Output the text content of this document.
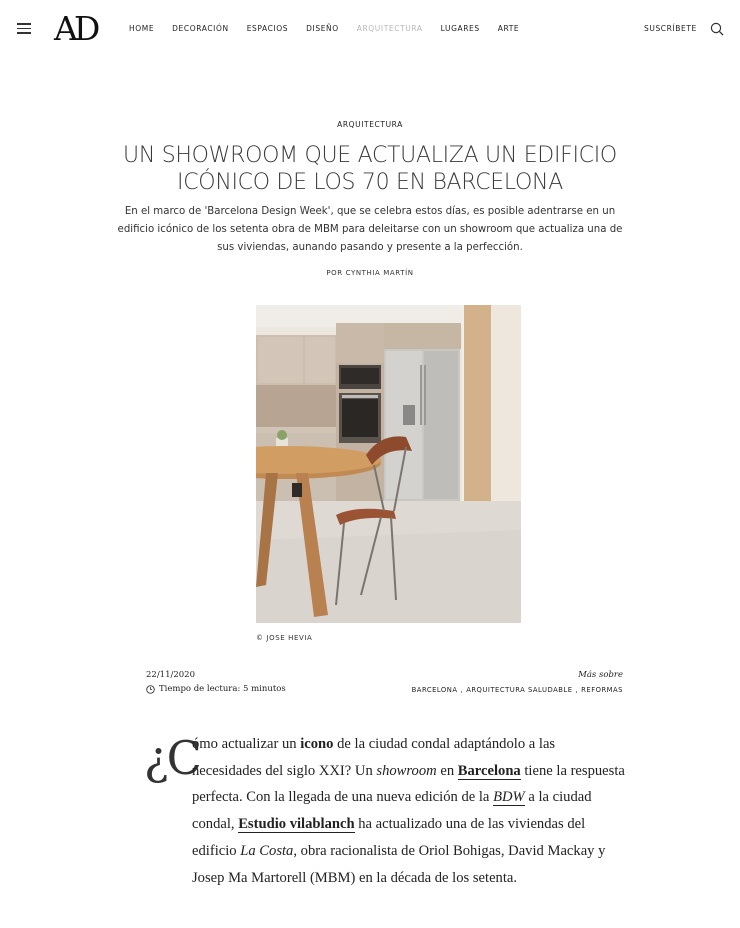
AD	HOME DECORACIÓN ESPACIOS DISEÑO ARQUITECTURA LUGARES ARTE	SUSCRÍBETE
ARQUITECTURA
UN SHOWROOM QUE ACTUALIZA UN EDIFICIO ICÓNICO DE LOS 70 EN BARCELONA

En el marco de 'Barcelona Design Week', que se celebra estos días, es posible adentrarse en un edificio icónico de los setenta obra de MBM para deleitarse con un showroom que actualiza una de sus viviendas, aunando pasando y presente a la perfección.

POR CYNTHIA MARTÍN
© JOSE HEVIA
22/11/2020
Tiempo de lectura: 5 minutos
Más sobre
BARCELONA , ARQUITECTURA SALUDABLE , REFORMAS
¿C

ómo actualizar un icono de la ciudad condal adaptándolo a las necesidades del siglo XXI? Un showroom en Barcelona tiene la respuesta perfecta. Con la llegada de una nueva edición de la BDW a la ciudad condal, Estudio vilablanch ha actualizado una de las viviendas del edificio La Costa, obra racionalista de Oriol Bohigas, David Mackay y Josep Ma Martorell (MBM) en la década de los setenta.
